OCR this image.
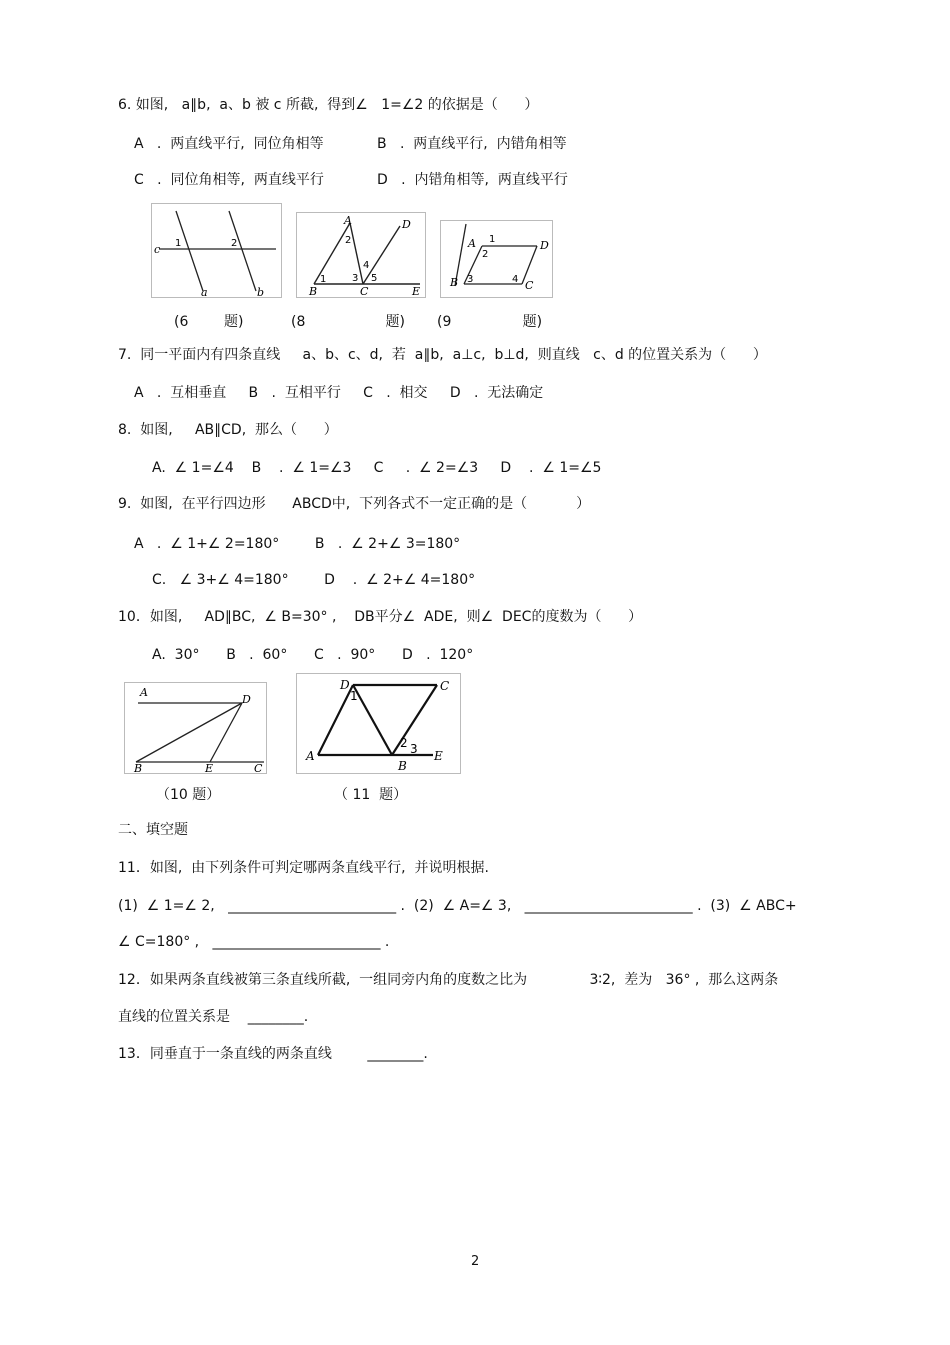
6. 如图,   a∥b,  a、b 被 c 所截,  得到∠   1=∠2 的依据是（      ）
A   .  两直线平行,  同位角相等	B   .  两直线平行,  内错角相等
C   .  同位角相等,  两直线平行	D   .  内错角相等,  两直线平行
c
a	b
1	2
A	D
B	C	E
2
1	3
4
5
A	D
B	C
1
2
3	4
(6        题)	(8                  题) (9                题)
7.  同一平面内有四条直线     a、b、c、d,  若  a∥b,  a⊥c,  b⊥d,  则直线   c、d 的位置关系为（      ）
A   .  互相垂直     B   .  互相平行     C   .  相交     D   .  无法确定
8.  如图,     AB∥CD,  那么（      ）
A.  ∠ 1=∠4    B    .  ∠ 1=∠3     C     .  ∠ 2=∠3     D    .  ∠ 1=∠5
9.  如图,  在平行四边形      ABCD中,  下列各式不一定正确的是（           ）
A   .  ∠ 1+∠ 2=180°        B   .  ∠ 2+∠ 3=180°
C.   ∠ 3+∠ 4=180°        D    .  ∠ 2+∠ 4=180°
10．如图,     AD∥BC,  ∠ B=30° ,    DB平分∠  ADE,  则∠  DEC的度数为（      ）
A.  30°      B   .  60°      C   .  90°      D   .  120°
A
D
B	E	C
D	C
A
B
E
1
2 3
（10 题）	（ 11  题）
二、填空题
11．如图,  由下列条件可判定哪两条直线平行,  并说明根据.
(1)  ∠ 1=∠ 2,   ________________________ .  (2)  ∠ A=∠ 3,   ________________________ .  (3)  ∠ ABC+
∠ C=180° ,   ________________________ .
12．如果两条直线被第三条直线所截,  一组同旁内角的度数之比为              3∶2,  差为   36° ,  那么这两条
直线的位置关系是    ________.
13．同垂直于一条直线的两条直线        ________.
2
